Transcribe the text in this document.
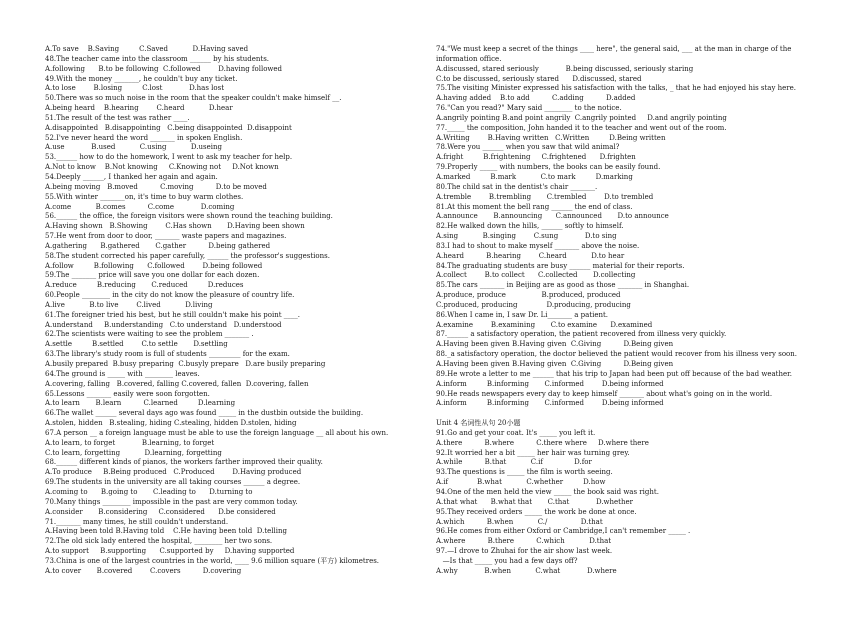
A.To save    B.Saving         C.Saved           D.Having saved
48.The teacher came into the classroom ______ by his students.
A.following      B.to be following  C.followed        D.having followed
49.With the money _______, he couldn't buy any ticket.
A.to lose        B.losing         C.lost            D.has lost
50.There was so much noise in the room that the speaker couldn't make himself __.
A.being heard    B.hearing        C.heard           D.hear
51.The result of the test was rather ____.
A.disappointed   B.disappointing   C.being disappointed  D.disappoint
52.I've never heard the word _______ in spoken English.
A.use            B.used           C.using           D.useing
53.______ how to do the homework, I went to ask my teacher for help.
A.Not to know    B.Not knowing     C.Knowing not     D.Not known
54.Deeply ______, I thanked her again and again.
A.being moving   B.moved          C.moving          D.to be moved
55.With winter _______on, it's time to buy warm clothes.
A.come           B.comes          C.come            D.coming
56.______ the office, the foreign visitors were shown round the teaching building.
A.Having shown   B.Showing        C.Has shown       D.Having been shown
57.He went from door to door, _______ waste papers and magazines.
A.gathering      B.gathered       C.gather          D.being gathered
58.The student corrected his paper carefully, ______ the professor's suggestions.
A.follow         B.following      C.followed        D.being followed
59.The _______ price will save you one dollar for each dozen.
A.reduce         B.reducing       C.reduced         D.reduces
60.People ________ in the city do not know the pleasure of country life.
A.live           B.to live        C.lived           D.living
61.The foreigner tried his best, but he still couldn't make his point ____.
A.understand     B.understanding   C.to understand   D.understood
62.The scientists were waiting to see the problem _______ .
A.settle         B.settled        C.to settle       D.settling
63.The library's study room is full of students _________ for the exam.
A.busily prepared  B.busy preparing  C.busyly prepare   D.are busily preparing
64.The ground is _____ with ________ leaves.
A.covering, falling   B.covered, falling C.covered, fallen  D.covering, fallen
65.Lessons _______ easily were soon forgotten.
A.to learn       B.learn          C.learned         D.learning
66.The wallet ______ several days ago was found _____ in the dustbin outside the building.
A.stolen, hidden   B.stealing, hiding C.stealing, hidden D.stolen, hiding
67.A person __ a foreign language must be able to use the foreign language __ all about his own.
A.to learn, to forget            B.learning, to forget
C.to learn, forgetting           D.learning, forgetting
68.______ different kinds of pianos, the workers farther improved their quality.
A.To produce     B.Being produced   C.Produced        D.Having produced
69.The students in the university are all taking courses ______ a degree.
A.coming to      B.going to       C.leading to      D.turning to
70.Many things ________ impossible in the past are very common today.
A.consider       B.considering     C.considered      D.be considered
71._______ many times, he still couldn't understand.
A.Having been told B.Having told    C.He having been told  D.telling
72.The old sick lady entered the hospital, ________ her two sons.
A.to support     B.supporting      C.supported by     D.having supported
73.China is one of the largest countries in the world, ____ 9.6 million square (平方) kilometres.
A.to cover       B.covered        C.covers          D.covering
74."We must keep a secret of the things ____ here", the general said, ___ at the man in charge of the
information office.
A.discussed, stared seriously            B.being discussed, seriously staring
C.to be discussed, seriously stared      D.discussed, stared
75.The visiting Minister expressed his satisfaction with the talks, _ that he had enjoyed his stay here.
A.having added    B.to add          C.adding          D.added
76."Can you read?" Mary said ________ to the notice.
A.angrily pointing B.and point angrily  C.angrily pointed     D.and angrily pointing
77._____ the composition, John handed it to the teacher and went out of the room.
A.Writing        B.Having written   C.Written         D.Being written
78.Were you ______ when you saw that wild animal?
A.fright         B.frightening     C.frightened      D.frighten
79.Properly _____ with numbers, the books can be easily found.
A.marked         B.mark           C.to mark         D.marking
80.The child sat in the dentist's chair _______.
A.tremble        B.trembling       C.trembled        D.to trembled
81.At this moment the bell rang ______ the end of class.
A.announce       B.announcing      C.announced       D.to announce
82.He walked down the hills, ______ softly to himself.
A.sing           B.singing        C.sung            D.to sing
83.I had to shout to make myself _______ above the noise.
A.heard          B.hearing        C.heard           D.to hear
84.The graduating students are busy ______ material for their reports.
A.collect        B.to collect      C.collected       D.collecting
85.The cars _______ in Beijing are as good as those _______ in Shanghai.
A.produce, produce                B.produced, produced
C.produced, producing             D.producing, producing
86.When I came in, I saw Dr. Li_______ a patient.
A.examine        B.examining       C.to examine      D.examined
87.______ a satisfactory operation, the patient recovered from illness very quickly.
A.Having been given B.Having given  C.Giving          D.Being given
88._a satisfactory operation, the doctor believed the patient would recover from his illness very soon.
A.Having been given B.Having given  C.Giving          D.Being given
89.He wrote a letter to me ______ that his trip to Japan had been put off because of the bad weather.
A.inform         B.informing       C.informed        D.being informed
90.He reads newspapers every day to keep himself _______ about what's going on in the world.
A.inform         B.informing       C.informed        D.being informed
Unit 4 名词性从句 20小题
91.Go and get your coat. It's _____ you left it.
A.there          B.where          C.there where     D.where there
92.It worried her a bit _____ her hair was turning grey.
A.while          B.that           C.if              D.for
93.The questions is _____ the film is worth seeing.
A.if             B.what           C.whether         D.how
94.One of the men held the view _____ the book said was right.
A.that what      B.what that       C.that            D.whether
95.They received orders _____ the work be done at once.
A.which          B.when           C./               D.that
96.He comes from either Oxford or Cambridge,I can't remember _____ .
A.where          B.there          C.which           D.that
97.—I drove to Zhuhai for the air show last week.
—Is that _____ you had a few days off?
A.why            B.when           C.what            D.where
